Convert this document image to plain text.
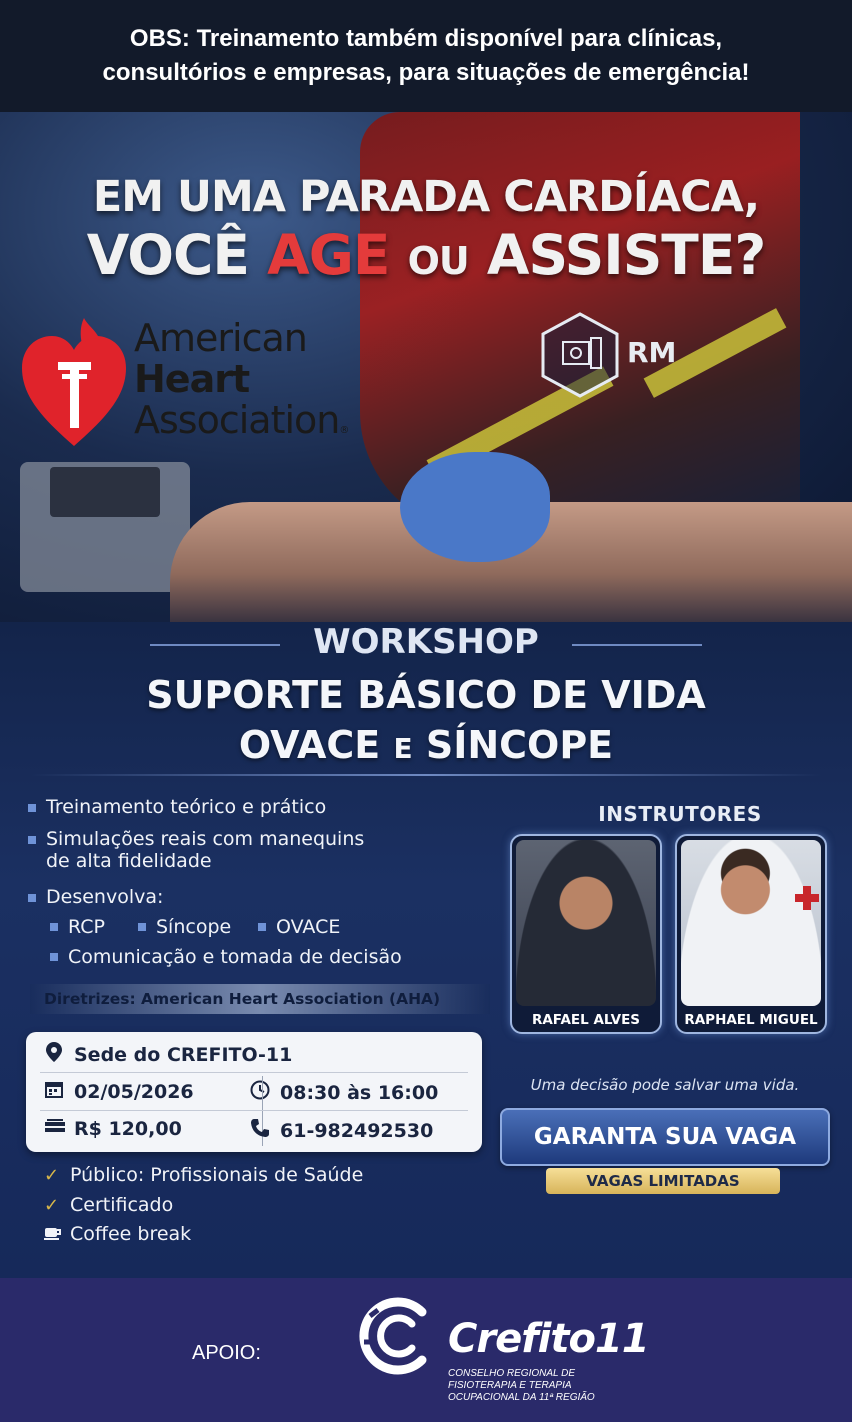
OBS: Treinamento também disponível para clínicas,
consultórios e empresas, para situações de emergência!

EM UMA PARADA CARDÍACA,
VOCÊ AGE OU ASSISTE?
American
Heart
Association®
RM
WORKSHOP
SUPORTE BÁSICO DE VIDA
OVACE E SÍNCOPE
Treinamento teórico e prático
Simulações reais com manequins
de alta fidelidade
Desenvolva:
RCP	Síncope OVACE
Comunicação e tomada de decisão
Diretrizes: American Heart Association (AHA)
Sede do CREFITO-11
02/05/2026	08:30 às 16:00
R$ 120,00	61-982492530
✓ Público: Profissionais de Saúde
✓ Certificado
Coffee break
INSTRUTORES
RAFAEL ALVES	RAPHAEL MIGUEL
Uma decisão pode salvar uma vida.
GARANTA SUA VAGA
VAGAS LIMITADAS
APOIO:	Crefito11
CONSELHO REGIONAL DE
FISIOTERAPIA E TERAPIA
OCUPACIONAL DA 11ª REGIÃO
